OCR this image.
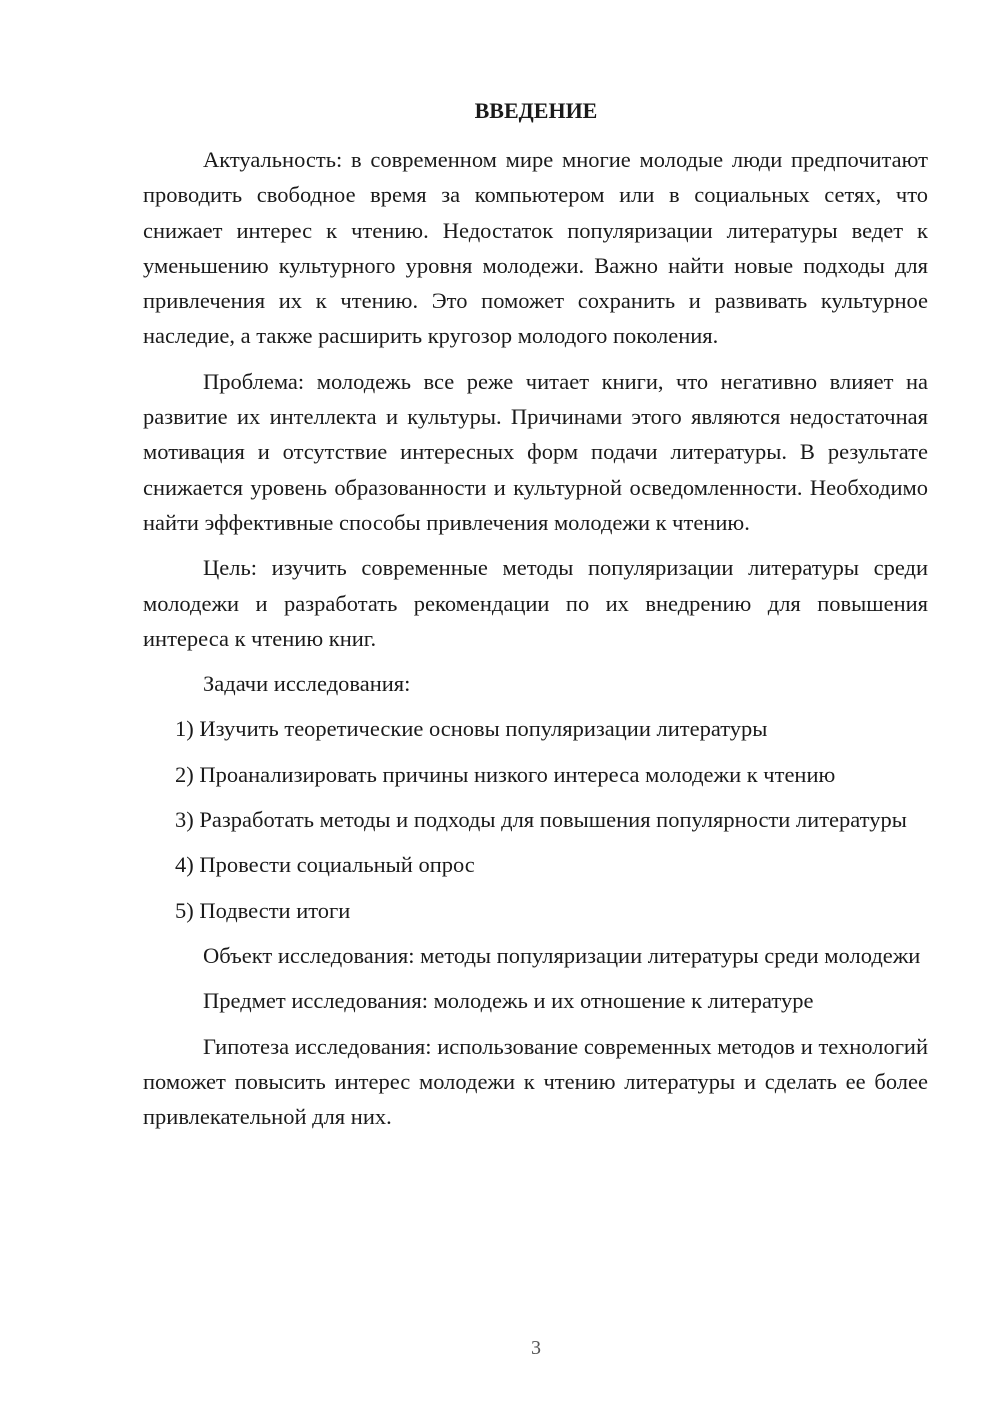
ВВЕДЕНИЕ

Актуальность: в современном мире многие молодые люди предпочитают проводить свободное время за компьютером или в социальных сетях, что снижает интерес к чтению. Недостаток популяризации литературы ведет к уменьшению культурного уровня молодежи. Важно найти новые подходы для привлечения их к чтению. Это поможет сохранить и развивать культурное наследие, а также расширить кругозор молодого поколения.

Проблема: молодежь все реже читает книги, что негативно влияет на развитие их интеллекта и культуры. Причинами этого являются недостаточная мотивация и отсутствие интересных форм подачи литературы. В результате снижается уровень образованности и культурной осведомленности. Необходимо найти эффективные способы привлечения молодежи к чтению.

Цель: изучить современные методы популяризации литературы среди молодежи и разработать рекомендации по их внедрению для повышения интереса к чтению книг.

Задачи исследования:

1) Изучить теоретические основы популяризации литературы

2) Проанализировать причины низкого интереса молодежи к чтению

3) Разработать методы и подходы для повышения популярности литературы

4) Провести социальный опрос

5) Подвести итоги

Объект исследования: методы популяризации литературы среди молодежи

Предмет исследования: молодежь и их отношение к литературе

Гипотеза исследования: использование современных методов и технологий поможет повысить интерес молодежи к чтению литературы и сделать ее более привлекательной для них.

3
